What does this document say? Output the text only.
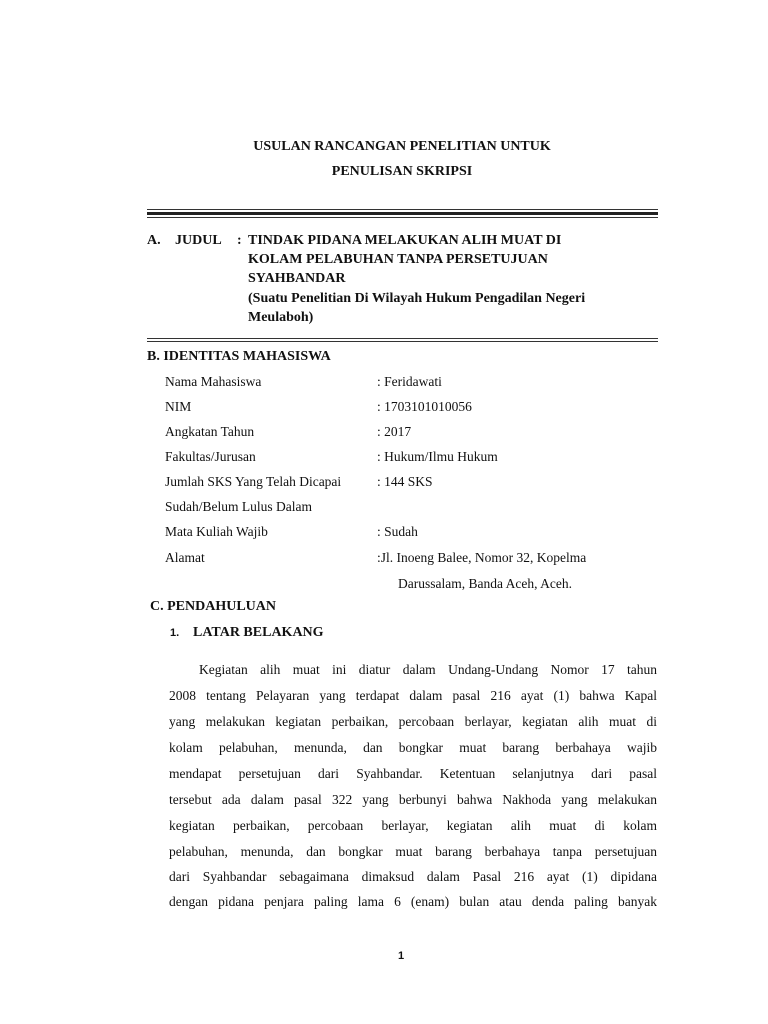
USULAN RANCANGAN PENELITIAN UNTUK
PENULISAN SKRIPSI
A. JUDUL : TINDAK PIDANA MELAKUKAN ALIH MUAT DI
KOLAM PELABUHAN TANPA PERSETUJUAN
SYAHBANDAR
(Suatu Penelitian Di Wilayah Hukum Pengadilan Negeri
Meulaboh)
B. IDENTITAS MAHASISWA
Nama Mahasiswa	: Feridawati
NIM	: 1703101010056
Angkatan Tahun	: 2017
Fakultas/Jurusan	: Hukum/Ilmu Hukum
Jumlah SKS Yang Telah Dicapai	: 144 SKS
Sudah/Belum Lulus Dalam
Mata Kuliah Wajib	: Sudah
Alamat	:Jl. Inoeng Balee, Nomor 32, Kopelma
Darussalam, Banda Aceh, Aceh.
C. PENDAHULUAN
1. LATAR BELAKANG
Kegiatan alih muat ini diatur dalam Undang-Undang Nomor 17 tahun
2008 tentang Pelayaran yang terdapat dalam pasal 216 ayat (1) bahwa Kapal
yang melakukan kegiatan perbaikan, percobaan berlayar, kegiatan alih muat di
kolam pelabuhan, menunda, dan bongkar muat barang berbahaya wajib
mendapat persetujuan dari Syahbandar. Ketentuan selanjutnya dari pasal
tersebut ada dalam pasal 322 yang berbunyi bahwa Nakhoda yang melakukan
kegiatan perbaikan, percobaan berlayar, kegiatan alih muat di kolam
pelabuhan, menunda, dan bongkar muat barang berbahaya tanpa persetujuan
dari Syahbandar sebagaimana dimaksud dalam Pasal 216 ayat (1) dipidana
dengan pidana penjara paling lama 6 (enam) bulan atau denda paling banyak
1
